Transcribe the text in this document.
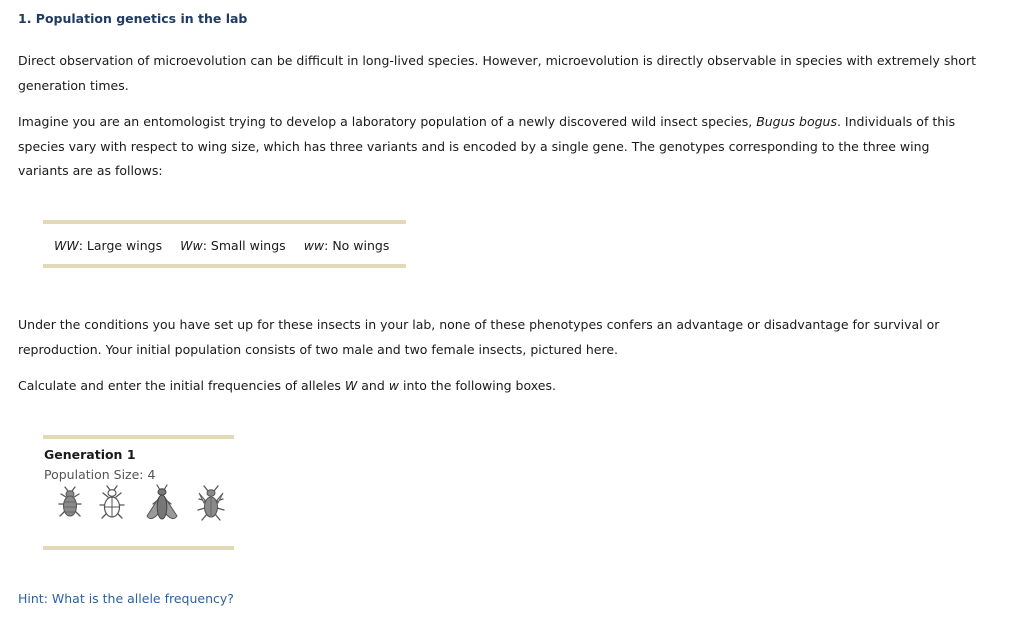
1. Population genetics in the lab

Direct observation of microevolution can be difficult in long-lived species. However, microevolution is directly observable in species with extremely short generation times.

Imagine you are an entomologist trying to develop a laboratory population of a newly discovered wild insect species, Bugus bogus. Individuals of this species vary with respect to wing size, which has three variants and is encoded by a single gene. The genotypes corresponding to the three wing variants are as follows:

WW: Large wings Ww: Small wings ww: No wings

Under the conditions you have set up for these insects in your lab, none of these phenotypes confers an advantage or disadvantage for survival or reproduction. Your initial population consists of two male and two female insects, pictured here.

Calculate and enter the initial frequencies of alleles W and w into the following boxes.

Generation 1
Population Size: 4
Hint: What is the allele frequency?
